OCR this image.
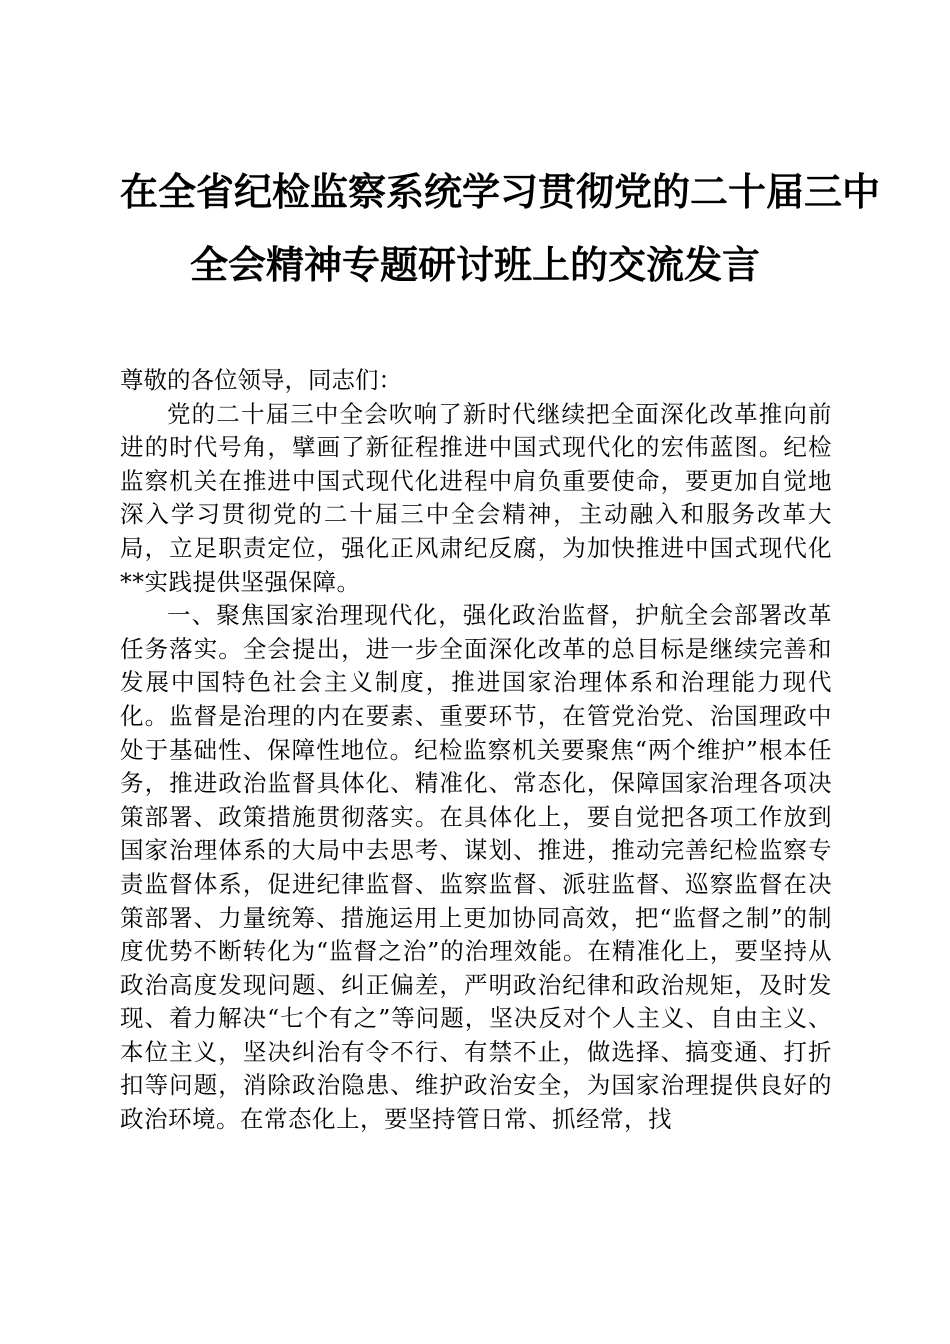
在全省纪检监察系统学习贯彻党的二十届三中
全会精神专题研讨班上的交流发言

尊敬的各位领导，同志们：

党的二十届三中全会吹响了新时代继续把全面深化改革推向前进的时代号角，擘画了新征程推进中国式现代化的宏伟蓝图。纪检监察机关在推进中国式现代化进程中肩负重要使命，要更加自觉地深入学习贯彻党的二十届三中全会精神，主动融入和服务改革大局，立足职责定位，强化正风肃纪反腐，为加快推进中国式现代化**实践提供坚强保障。

一、聚焦国家治理现代化，强化政治监督，护航全会部署改革任务落实。全会提出，进一步全面深化改革的总目标是继续完善和发展中国特色社会主义制度，推进国家治理体系和治理能力现代化。监督是治理的内在要素、重要环节，在管党治党、治国理政中处于基础性、保障性地位。纪检监察机关要聚焦“两个维护”根本任务，推进政治监督具体化、精准化、常态化，保障国家治理各项决策部署、政策措施贯彻落实。在具体化上，要自觉把各项工作放到国家治理体系的大局中去思考、谋划、推进，推动完善纪检监察专责监督体系，促进纪律监督、监察监督、派驻监督、巡察监督在决策部署、力量统筹、措施运用上更加协同高效，把“监督之制”的制度优势不断转化为“监督之治”的治理效能。在精准化上，要坚持从政治高度发现问题、纠正偏差，严明政治纪律和政治规矩，及时发现、着力解决“七个有之”等问题，坚决反对个人主义、自由主义、本位主义，坚决纠治有令不行、有禁不止，做选择、搞变通、打折扣等问题，消除政治隐患、维护政治安全，为国家治理提供良好的政治环境。在常态化上，要坚持管日常、抓经常，找
